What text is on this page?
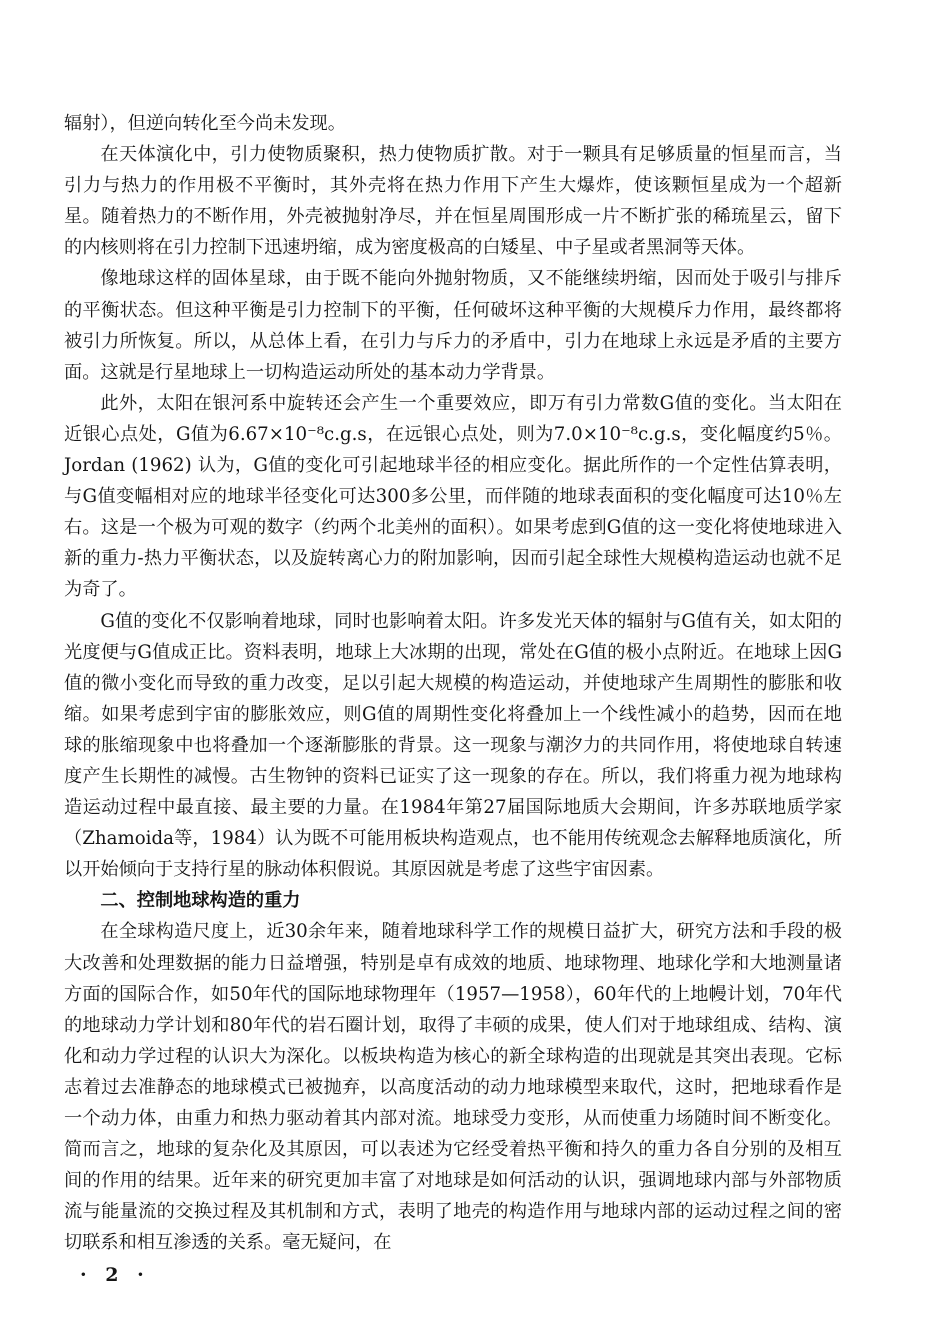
辐射），但逆向转化至今尚未发现。

在天体演化中，引力使物质聚积，热力使物质扩散。对于一颗具有足够质量的恒星而言，当引力与热力的作用极不平衡时，其外壳将在热力作用下产生大爆炸，使该颗恒星成为一个超新星。随着热力的不断作用，外壳被抛射净尽，并在恒星周围形成一片不断扩张的稀琉星云，留下的内核则将在引力控制下迅速坍缩，成为密度极高的白矮星、中子星或者黑洞等天体。

像地球这样的固体星球，由于既不能向外抛射物质，又不能继续坍缩，因而处于吸引与排斥的平衡状态。但这种平衡是引力控制下的平衡，任何破坏这种平衡的大规模斥力作用，最终都将被引力所恢复。所以，从总体上看，在引力与斥力的矛盾中，引力在地球上永远是矛盾的主要方面。这就是行星地球上一切构造运动所处的基本动力学背景。

此外，太阳在银河系中旋转还会产生一个重要效应，即万有引力常数G值的变化。当太阳在近银心点处，G值为6.67×10⁻⁸c.g.s，在远银心点处，则为7.0×10⁻⁸c.g.s，变化幅度约5％。Jordan (1962) 认为，G值的变化可引起地球半径的相应变化。据此所作的一个定性估算表明，与G值变幅相对应的地球半径变化可达300多公里，而伴随的地球表面积的变化幅度可达10％左右。这是一个极为可观的数字（约两个北美州的面积）。如果考虑到G值的这一变化将使地球进入新的重力-热力平衡状态，以及旋转离心力的附加影响，因而引起全球性大规模构造运动也就不足为奇了。

G值的变化不仅影响着地球，同时也影响着太阳。许多发光天体的辐射与G值有关，如太阳的光度便与G值成正比。资料表明，地球上大冰期的出现，常处在G值的极小点附近。在地球上因G值的微小变化而导致的重力改变，足以引起大规模的构造运动，并使地球产生周期性的膨胀和收缩。如果考虑到宇宙的膨胀效应，则G值的周期性变化将叠加上一个线性减小的趋势，因而在地球的胀缩现象中也将叠加一个逐渐膨胀的背景。这一现象与潮汐力的共同作用，将使地球自转速度产生长期性的减慢。古生物钟的资料已证实了这一现象的存在。所以，我们将重力视为地球构造运动过程中最直接、最主要的力量。在1984年第27届国际地质大会期间，许多苏联地质学家（Zhamoida等，1984）认为既不可能用板块构造观点，也不能用传统观念去解释地质演化，所以开始倾向于支持行星的脉动体积假说。其原因就是考虑了这些宇宙因素。

二、控制地球构造的重力

在全球构造尺度上，近30余年来，随着地球科学工作的规模日益扩大，研究方法和手段的极大改善和处理数据的能力日益增强，特别是卓有成效的地质、地球物理、地球化学和大地测量诸方面的国际合作，如50年代的国际地球物理年（1957—1958），60年代的上地幔计划，70年代的地球动力学计划和80年代的岩石圈计划，取得了丰硕的成果，使人们对于地球组成、结构、演化和动力学过程的认识大为深化。以板块构造为核心的新全球构造的出现就是其突出表现。它标志着过去准静态的地球模式已被抛弃，以高度活动的动力地球模型来取代，这时，把地球看作是一个动力体，由重力和热力驱动着其内部对流。地球受力变形，从而使重力场随时间不断变化。简而言之，地球的复杂化及其原因，可以表述为它经受着热平衡和持久的重力各自分别的及相互间的作用的结果。近年来的研究更加丰富了对地球是如何活动的认识，强调地球内部与外部物质流与能量流的交换过程及其机制和方式，表明了地壳的构造作用与地球内部的运动过程之间的密切联系和相互渗透的关系。毫无疑问，在

· 2 ·
